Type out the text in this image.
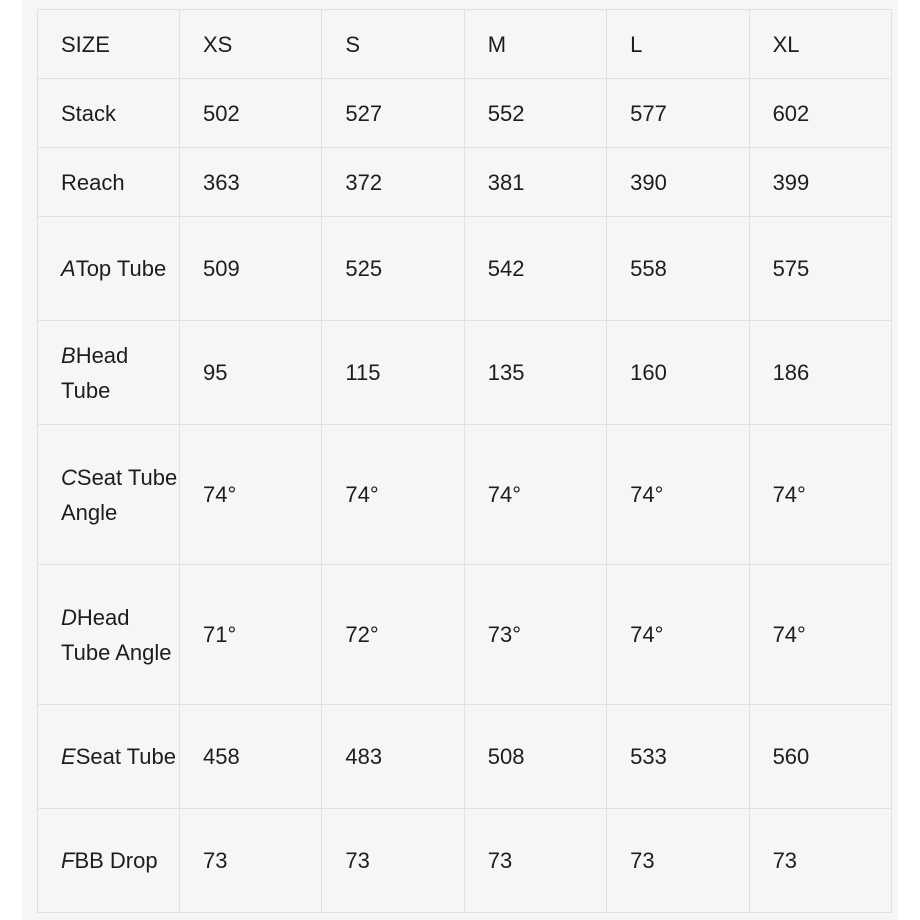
SIZE	XS	S	M	L	XL
Stack	502	527	552	577	602
Reach	363	372	381	390	399
ATop Tube	509	525	542	558	575
BHead Tube	95	115	135	160	186
CSeat Tube Angle	74°	74°	74°	74°	74°
DHead Tube Angle	71°	72°	73°	74°	74°
ESeat Tube	458	483	508	533	560
FBB Drop	73	73	73	73	73
